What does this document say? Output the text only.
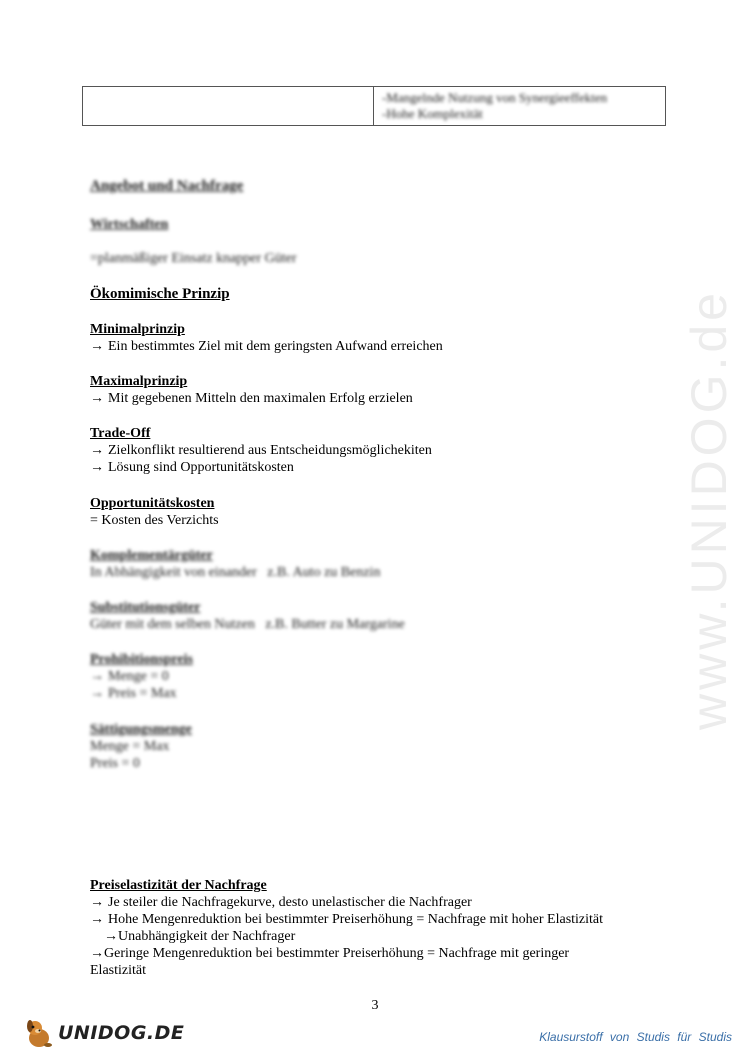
www.UNIDOG.de
-Mangelnde Nutzung von Synergieeffekten
-Hohe Komplexität
Angebot und Nachfrage
Wirtschaften
=planmäßiger Einsatz knapper Güter
Ökomimische Prinzip
Minimalprinzip
→ Ein bestimmtes Ziel mit dem geringsten Aufwand erreichen
Maximalprinzip
→ Mit gegebenen Mitteln den maximalen Erfolg erzielen
Trade-Off
→ Zielkonflikt resultierend aus Entscheidungsmöglichekiten
→ Lösung sind Opportunitätskosten
Opportunitätskosten
= Kosten des Verzichts
Komplementärgüter
In Abhängigkeit von einander   z.B. Auto zu Benzin
Substitutionsgüter
Güter mit dem selben Nutzen   z.B. Butter zu Margarine
Prohibitionspreis
→ Menge = 0
→ Preis = Max
Sättigungsmenge
Menge = Max
Preis = 0
Preiselastizität der Nachfrage
→ Je steiler die Nachfragekurve, desto unelastischer die Nachfrager
→ Hohe Mengenreduktion bei bestimmter Preiserhöhung = Nachfrage mit hoher Elastizität
→Unabhängigkeit der Nachfrager
→Geringe Mengenreduktion bei bestimmter Preiserhöhung = Nachfrage mit geringer
Elastizität
3
UNIDOG.DE	Klausurstoff von Studis für Studis
